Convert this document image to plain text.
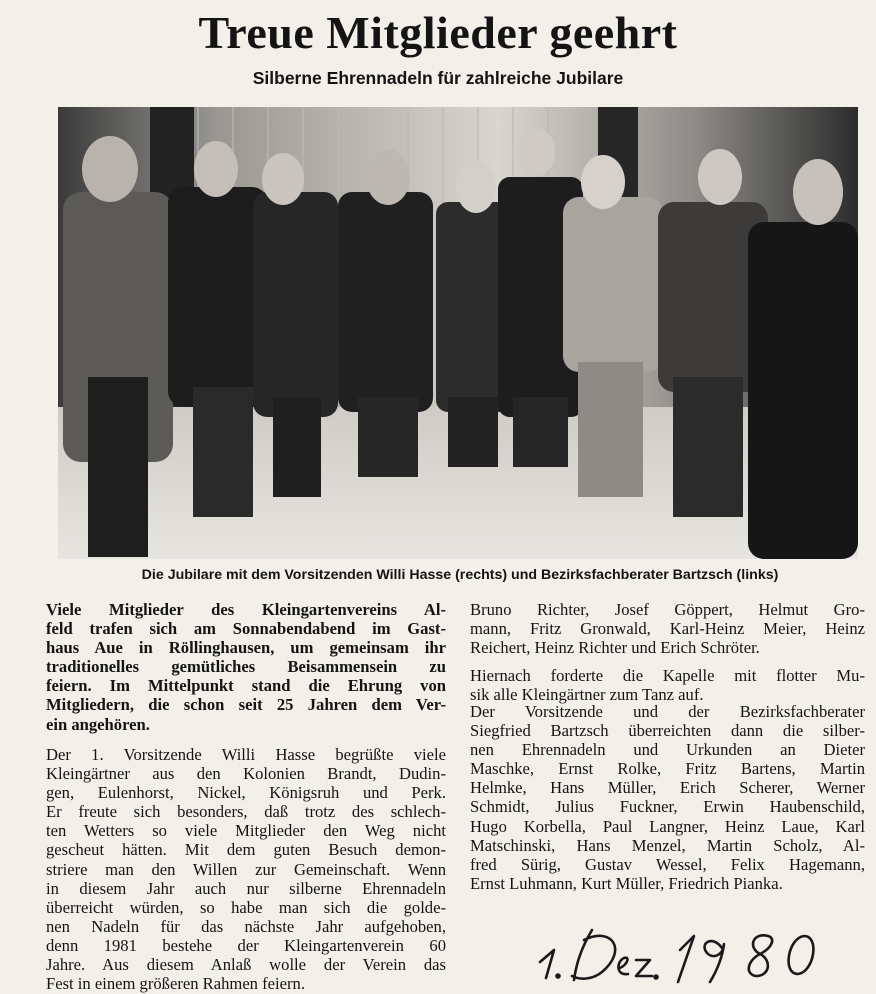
Treue Mitglieder geehrt
Silberne Ehrennadeln für zahlreiche Jubilare
Die Jubilare mit dem Vorsitzenden Willi Hasse (rechts) und Bezirksfachberater Bartzsch (links)
Viele Mitglieder des Kleingartenvereins Al-
feld trafen sich am Sonnabendabend im Gast-
haus Aue in Röllinghausen, um gemeinsam ihr
traditionelles gemütliches Beisammensein zu
feiern. Im Mittelpunkt stand die Ehrung von
Mitgliedern, die schon seit 25 Jahren dem Ver-
ein angehören.
Der 1. Vorsitzende Willi Hasse begrüßte viele
Kleingärtner aus den Kolonien Brandt, Dudin-
gen, Eulenhorst, Nickel, Königsruh und Perk.
Er freute sich besonders, daß trotz des schlech-
ten Wetters so viele Mitglieder den Weg nicht
gescheut hätten. Mit dem guten Besuch demon-
striere man den Willen zur Gemeinschaft. Wenn
in diesem Jahr auch nur silberne Ehrennadeln
überreicht würden, so habe man sich die golde-
nen Nadeln für das nächste Jahr aufgehoben,
denn 1981 bestehe der Kleingartenverein 60
Jahre. Aus diesem Anlaß wolle der Verein das
Fest in einem größeren Rahmen feiern.
Bruno Richter, Josef Göppert, Helmut Gro-
mann, Fritz Gronwald, Karl-Heinz Meier, Heinz
Reichert, Heinz Richter und Erich Schröter.
Hiernach forderte die Kapelle mit flotter Mu-
sik alle Kleingärtner zum Tanz auf.
Der Vorsitzende und der Bezirksfachberater
Siegfried Bartzsch überreichten dann die silber-
nen Ehrennadeln und Urkunden an Dieter
Maschke, Ernst Rolke, Fritz Bartens, Martin
Helmke, Hans Müller, Erich Scherer, Werner
Schmidt, Julius Fuckner, Erwin Haubenschild,
Hugo Korbella, Paul Langner, Heinz Laue, Karl
Matschinski, Hans Menzel, Martin Scholz, Al-
fred Sürig, Gustav Wessel, Felix Hagemann,
Ernst Luhmann, Kurt Müller, Friedrich Pianka.
